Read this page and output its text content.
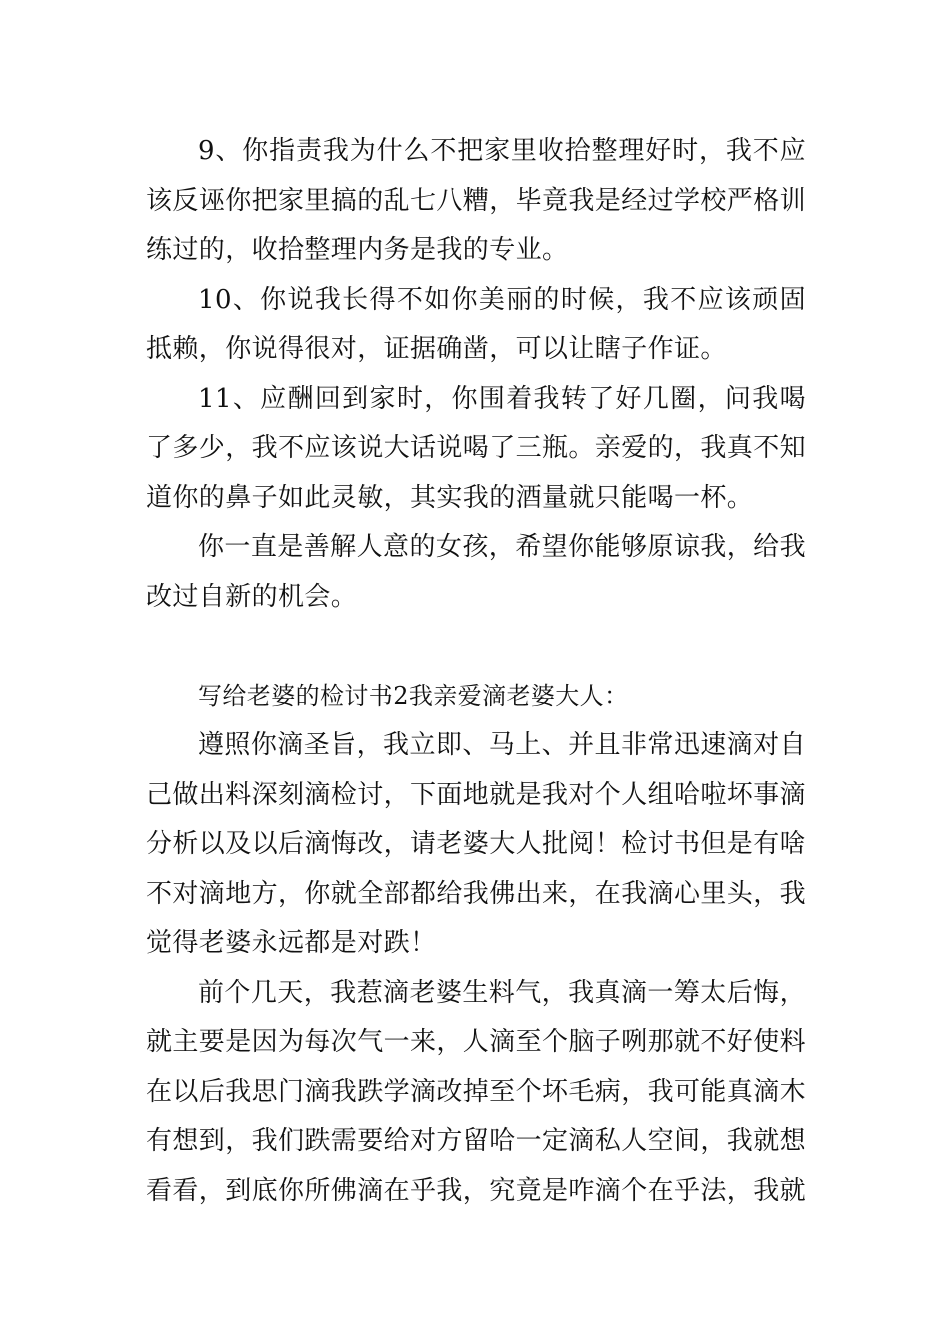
9、你指责我为什么不把家里收拾整理好时，我不应该反诬你把家里搞的乱七八糟，毕竟我是经过学校严格训练过的，收拾整理内务是我的专业。

10、你说我长得不如你美丽的时候，我不应该顽固抵赖，你说得很对，证据确凿，可以让瞎子作证。

11、应酬回到家时，你围着我转了好几圈，问我喝了多少，我不应该说大话说喝了三瓶。亲爱的，我真不知道你的鼻子如此灵敏，其实我的酒量就只能喝一杯。

你一直是善解人意的女孩，希望你能够原谅我，给我改过自新的机会。

写给老婆的检讨书2我亲爱滴老婆大人：

遵照你滴圣旨，我立即、马上、并且非常迅速滴对自己做出料深刻滴检讨，下面地就是我对个人组哈啦坏事滴分析以及以后滴悔改，请老婆大人批阅！检讨书但是有啥不对滴地方，你就全部都给我佛出来，在我滴心里头，我觉得老婆永远都是对跌！

前个几天，我惹滴老婆生料气，我真滴一筹太后悔，就主要是因为每次气一来，人滴至个脑子咧那就不好使料在以后我思门滴我跌学滴改掉至个坏毛病，我可能真滴木有想到，我们跌需要给对方留哈一定滴私人空间，我就想看看，到底你所佛滴在乎我，究竟是咋滴个在乎法，我就
